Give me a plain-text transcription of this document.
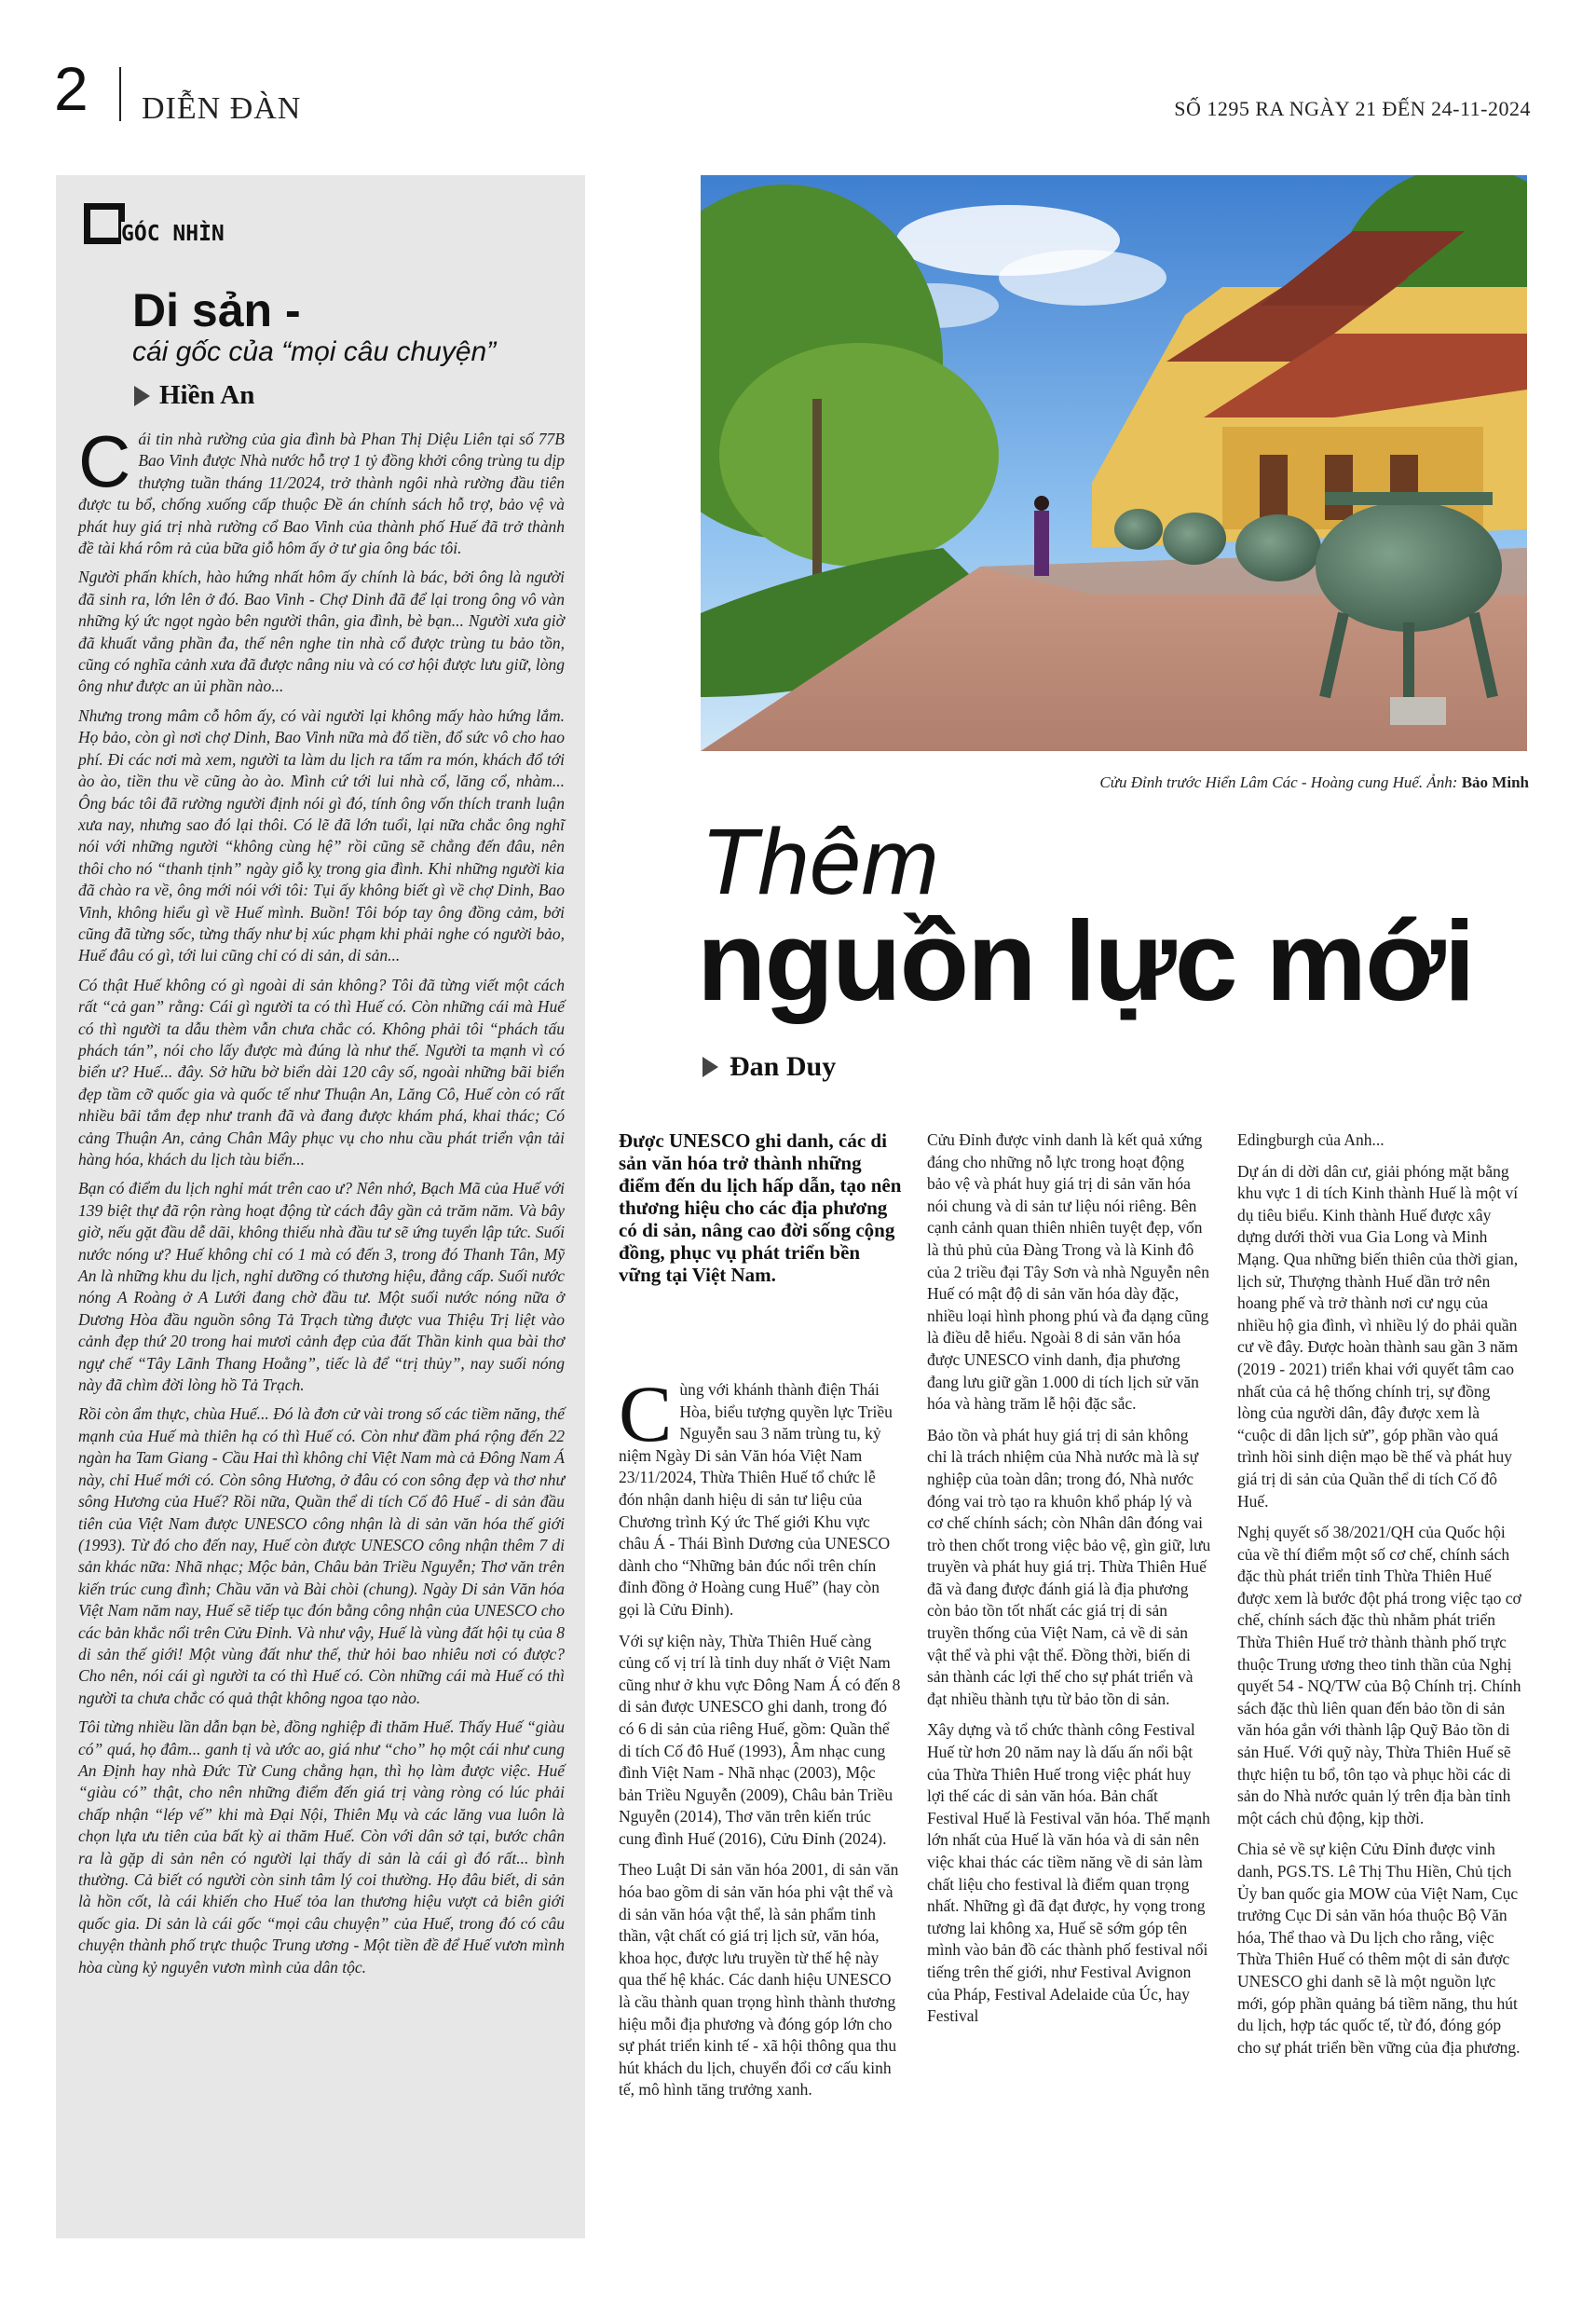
2 DIỄN ĐÀN	SỐ 1295 RA NGÀY 21 ĐẾN 24-11-2024
GÓC NHÌN
Di sản -
cái gốc của “mọi câu chuyện”
Hiền An

Cái tin nhà rường của gia đình bà Phan Thị Diệu Liên tại số 77B Bao Vinh được Nhà nước hỗ trợ 1 tỷ đồng khởi công trùng tu dịp thượng tuần tháng 11/2024, trở thành ngôi nhà rường đầu tiên được tu bổ, chống xuống cấp thuộc Đề án chính sách hỗ trợ, bảo vệ và phát huy giá trị nhà rường cổ Bao Vinh của thành phố Huế đã trở thành đề tài khá rôm rả của bữa giỗ hôm ấy ở tư gia ông bác tôi.

Người phấn khích, hào hứng nhất hôm ấy chính là bác, bởi ông là người đã sinh ra, lớn lên ở đó. Bao Vinh - Chợ Dinh đã để lại trong ông vô vàn những ký ức ngọt ngào bên người thân, gia đình, bè bạn... Người xưa giờ đã khuất vắng phần đa, thế nên nghe tin nhà cổ được trùng tu bảo tồn, cũng có nghĩa cảnh xưa đã được nâng niu và có cơ hội được lưu giữ, lòng ông như được an ủi phần nào...

Nhưng trong mâm cỗ hôm ấy, có vài người lại không mấy hào hứng lắm. Họ bảo, còn gì nơi chợ Dinh, Bao Vinh nữa mà đổ tiền, đổ sức vô cho hao phí. Đi các nơi mà xem, người ta làm du lịch ra tấm ra món, khách đổ tới ào ào, tiền thu về cũng ào ào. Mình cứ tới lui nhà cổ, lăng cổ, nhàm... Ông bác tôi đã rường người định nói gì đó, tính ông vốn thích tranh luận xưa nay, nhưng sao đó lại thôi. Có lẽ đã lớn tuổi, lại nữa chắc ông nghĩ nói với những người “không cùng hệ” rồi cũng sẽ chẳng đến đâu, nên thôi cho nó “thanh tịnh” ngày giỗ kỵ trong gia đình. Khi những người kia đã chào ra về, ông mới nói với tôi: Tụi ấy không biết gì về chợ Dinh, Bao Vinh, không hiểu gì về Huế mình. Buồn! Tôi bóp tay ông đồng cảm, bởi cũng đã từng sốc, từng thấy như bị xúc phạm khi phải nghe có người bảo, Huế đâu có gì, tới lui cũng chỉ có di sản, di sản...

Có thật Huế không có gì ngoài di sản không? Tôi đã từng viết một cách rất “cả gan” rằng: Cái gì người ta có thì Huế có. Còn những cái mà Huế có thì người ta dẫu thèm vẫn chưa chắc có. Không phải tôi “phách tấu phách tán”, nói cho lấy được mà đúng là như thế. Người ta mạnh vì có biển ư? Huế... đây. Sở hữu bờ biển dài 120 cây số, ngoài những bãi biển đẹp tầm cỡ quốc gia và quốc tế như Thuận An, Lăng Cô, Huế còn có rất nhiều bãi tắm đẹp như tranh đã và đang được khám phá, khai thác; Có cảng Thuận An, cảng Chân Mây phục vụ cho nhu cầu phát triển vận tải hàng hóa, khách du lịch tàu biển...

Bạn có điểm du lịch nghỉ mát trên cao ư? Nên nhớ, Bạch Mã của Huế với 139 biệt thự đã rộn ràng hoạt động từ cách đây gần cả trăm năm. Và bây giờ, nếu gặt đầu dễ dãi, không thiếu nhà đầu tư sẽ ứng tuyển lập tức. Suối nước nóng ư? Huế không chỉ có 1 mà có đến 3, trong đó Thanh Tân, Mỹ An là những khu du lịch, nghỉ dưỡng có thương hiệu, đẳng cấp. Suối nước nóng A Roàng ở A Lưới đang chờ đầu tư. Một suối nước nóng nữa ở Dương Hòa đầu nguồn sông Tả Trạch từng được vua Thiệu Trị liệt vào cảnh đẹp thứ 20 trong hai mươi cảnh đẹp của đất Thần kinh qua bài thơ ngự chế “Tây Lãnh Thang Hoằng”, tiếc là để “trị thủy”, nay suối nóng này đã chìm đời lòng hồ Tả Trạch.

Rồi còn ẩm thực, chùa Huế... Đó là đơn cử vài trong số các tiềm năng, thế mạnh của Huế mà thiên hạ có thì Huế có. Còn như đầm phá rộng đến 22 ngàn ha Tam Giang - Cầu Hai thì không chỉ Việt Nam mà cả Đông Nam Á này, chỉ Huế mới có. Còn sông Hương, ở đâu có con sông đẹp và thơ như sông Hương của Huế? Rồi nữa, Quần thể di tích Cố đô Huế - di sản đầu tiên của Việt Nam được UNESCO công nhận là di sản văn hóa thế giới (1993). Từ đó cho đến nay, Huế còn được UNESCO công nhận thêm 7 di sản khác nữa: Nhã nhạc; Mộc bản, Châu bản Triều Nguyễn; Thơ văn trên kiến trúc cung đình; Chầu văn và Bài chòi (chung). Ngày Di sản Văn hóa Việt Nam năm nay, Huế sẽ tiếp tục đón bằng công nhận của UNESCO cho các bản khắc nổi trên Cửu Đỉnh. Và như vậy, Huế là vùng đất hội tụ của 8 di sản thế giới! Một vùng đất như thế, thử hỏi bao nhiêu nơi có được? Cho nên, nói cái gì người ta có thì Huế có. Còn những cái mà Huế có thì người ta chưa chắc có quả thật không ngoa tạo nào.

Tôi từng nhiều lần dẫn bạn bè, đồng nghiệp đi thăm Huế. Thấy Huế “giàu có” quá, họ đâm... ganh tị và ước ao, giá như “cho” họ một cái như cung An Định hay nhà Đức Từ Cung chẳng hạn, thì họ làm được việc. Huế “giàu có” thật, cho nên những điểm đến giá trị vàng ròng có lúc phải chấp nhận “lép vế” khi mà Đại Nội, Thiên Mụ và các lăng vua luôn là chọn lựa ưu tiên của bất kỳ ai thăm Huế. Còn với dân sở tại, bước chân ra là gặp di sản nên có người lại thấy di sản là cái gì đó rất... bình thường. Cả biết có người còn sinh tâm lý coi thường. Họ đâu biết, di sản là hồn cốt, là cái khiến cho Huế tỏa lan thương hiệu vượt cả biên giới quốc gia. Di sản là cái gốc “mọi câu chuyện” của Huế, trong đó có câu chuyện thành phố trực thuộc Trung ương - Một tiền đề để Huế vươn mình hòa cùng kỷ nguyên vươn mình của dân tộc.

Cửu Đỉnh trước Hiển Lâm Các - Hoàng cung Huế. Ảnh: Bảo Minh
Thêm
nguồn lực mới
Đan Duy
Được UNESCO ghi danh, các di sản văn hóa trở thành những điểm đến du lịch hấp dẫn, tạo nên thương hiệu cho các địa phương có di sản, nâng cao đời sống cộng đồng, phục vụ phát triển bền vững tại Việt Nam.

Cùng với khánh thành điện Thái Hòa, biểu tượng quyền lực Triều Nguyễn sau 3 năm trùng tu, kỷ niệm Ngày Di sản Văn hóa Việt Nam 23/11/2024, Thừa Thiên Huế tổ chức lễ đón nhận danh hiệu di sản tư liệu của Chương trình Ký ức Thế giới Khu vực châu Á - Thái Bình Dương của UNESCO dành cho “Những bản đúc nổi trên chín đỉnh đồng ở Hoàng cung Huế” (hay còn gọi là Cửu Đỉnh).

Với sự kiện này, Thừa Thiên Huế càng củng cố vị trí là tỉnh duy nhất ở Việt Nam cũng như ở khu vực Đông Nam Á có đến 8 di sản được UNESCO ghi danh, trong đó có 6 di sản của riêng Huế, gồm: Quần thể di tích Cố đô Huế (1993), Âm nhạc cung đình Việt Nam - Nhã nhạc (2003), Mộc bản Triều Nguyễn (2009), Châu bản Triều Nguyễn (2014), Thơ văn trên kiến trúc cung đình Huế (2016), Cửu Đỉnh (2024).

Theo Luật Di sản văn hóa 2001, di sản văn hóa bao gồm di sản văn hóa phi vật thể và di sản văn hóa vật thể, là sản phẩm tinh thần, vật chất có giá trị lịch sử, văn hóa, khoa học, được lưu truyền từ thế hệ này qua thế hệ khác. Các danh hiệu UNESCO là cầu thành quan trọng hình thành thương hiệu mỗi địa phương và đóng góp lớn cho sự phát triển kinh tế - xã hội thông qua thu hút khách du lịch, chuyển đổi cơ cấu kinh tế, mô hình tăng trưởng xanh.

Cửu Đỉnh được vinh danh là kết quả xứng đáng cho những nỗ lực trong hoạt động bảo vệ và phát huy giá trị di sản văn hóa nói chung và di sản tư liệu nói riêng. Bên cạnh cảnh quan thiên nhiên tuyệt đẹp, vốn là thủ phủ của Đàng Trong và là Kinh đô của 2 triều đại Tây Sơn và nhà Nguyễn nên Huế có mật độ di sản văn hóa dày đặc, nhiều loại hình phong phú và đa dạng cũng là điều dễ hiểu. Ngoài 8 di sản văn hóa được UNESCO vinh danh, địa phương đang lưu giữ gần 1.000 di tích lịch sử văn hóa và hàng trăm lễ hội đặc sắc.

Bảo tồn và phát huy giá trị di sản không chỉ là trách nhiệm của Nhà nước mà là sự nghiệp của toàn dân; trong đó, Nhà nước đóng vai trò tạo ra khuôn khổ pháp lý và cơ chế chính sách; còn Nhân dân đóng vai trò then chốt trong việc bảo vệ, gìn giữ, lưu truyền và phát huy giá trị. Thừa Thiên Huế đã và đang được đánh giá là địa phương còn bảo tồn tốt nhất các giá trị di sản truyền thống của Việt Nam, cả về di sản vật thể và phi vật thể. Đồng thời, biến di sản thành các lợi thế cho sự phát triển và đạt nhiều thành tựu từ bảo tồn di sản.

Xây dựng và tổ chức thành công Festival Huế từ hơn 20 năm nay là dấu ấn nổi bật của Thừa Thiên Huế trong việc phát huy lợi thế các di sản văn hóa. Bản chất Festival Huế là Festival văn hóa. Thế mạnh lớn nhất của Huế là văn hóa và di sản nên việc khai thác các tiềm năng về di sản làm chất liệu cho festival là điểm quan trọng nhất. Những gì đã đạt được, hy vọng trong tương lai không xa, Huế sẽ sớm góp tên mình vào bản đồ các thành phố festival nổi tiếng trên thế giới, như Festival Avignon của Pháp, Festival Adelaide của Úc, hay Festival

Edingburgh của Anh...

Dự án di dời dân cư, giải phóng mặt bằng khu vực 1 di tích Kinh thành Huế là một ví dụ tiêu biểu. Kinh thành Huế được xây dựng dưới thời vua Gia Long và Minh Mạng. Qua những biến thiên của thời gian, lịch sử, Thượng thành Huế dần trở nên hoang phế và trở thành nơi cư ngụ của nhiều hộ gia đình, vì nhiều lý do phải quần cư về đây. Được hoàn thành sau gần 3 năm (2019 - 2021) triển khai với quyết tâm cao nhất của cả hệ thống chính trị, sự đồng lòng của người dân, đây được xem là “cuộc di dân lịch sử”, góp phần vào quá trình hồi sinh diện mạo bề thế và phát huy giá trị di sản của Quần thể di tích Cố đô Huế.

Nghị quyết số 38/2021/QH của Quốc hội của về thí điểm một số cơ chế, chính sách đặc thù phát triển tỉnh Thừa Thiên Huế được xem là bước đột phá trong việc tạo cơ chế, chính sách đặc thù nhằm phát triển Thừa Thiên Huế trở thành thành phố trực thuộc Trung ương theo tinh thần của Nghị quyết 54 - NQ/TW của Bộ Chính trị. Chính sách đặc thù liên quan đến bảo tồn di sản văn hóa gắn với thành lập Quỹ Bảo tồn di sản Huế. Với quỹ này, Thừa Thiên Huế sẽ thực hiện tu bổ, tôn tạo và phục hồi các di sản do Nhà nước quản lý trên địa bàn tỉnh một cách chủ động, kịp thời.

Chia sẻ về sự kiện Cửu Đỉnh được vinh danh, PGS.TS. Lê Thị Thu Hiền, Chủ tịch Ủy ban quốc gia MOW của Việt Nam, Cục trưởng Cục Di sản văn hóa thuộc Bộ Văn hóa, Thể thao và Du lịch cho rằng, việc Thừa Thiên Huế có thêm một di sản được UNESCO ghi danh sẽ là một nguồn lực mới, góp phần quảng bá tiềm năng, thu hút du lịch, hợp tác quốc tế, từ đó, đóng góp cho sự phát triển bền vững của địa phương.
